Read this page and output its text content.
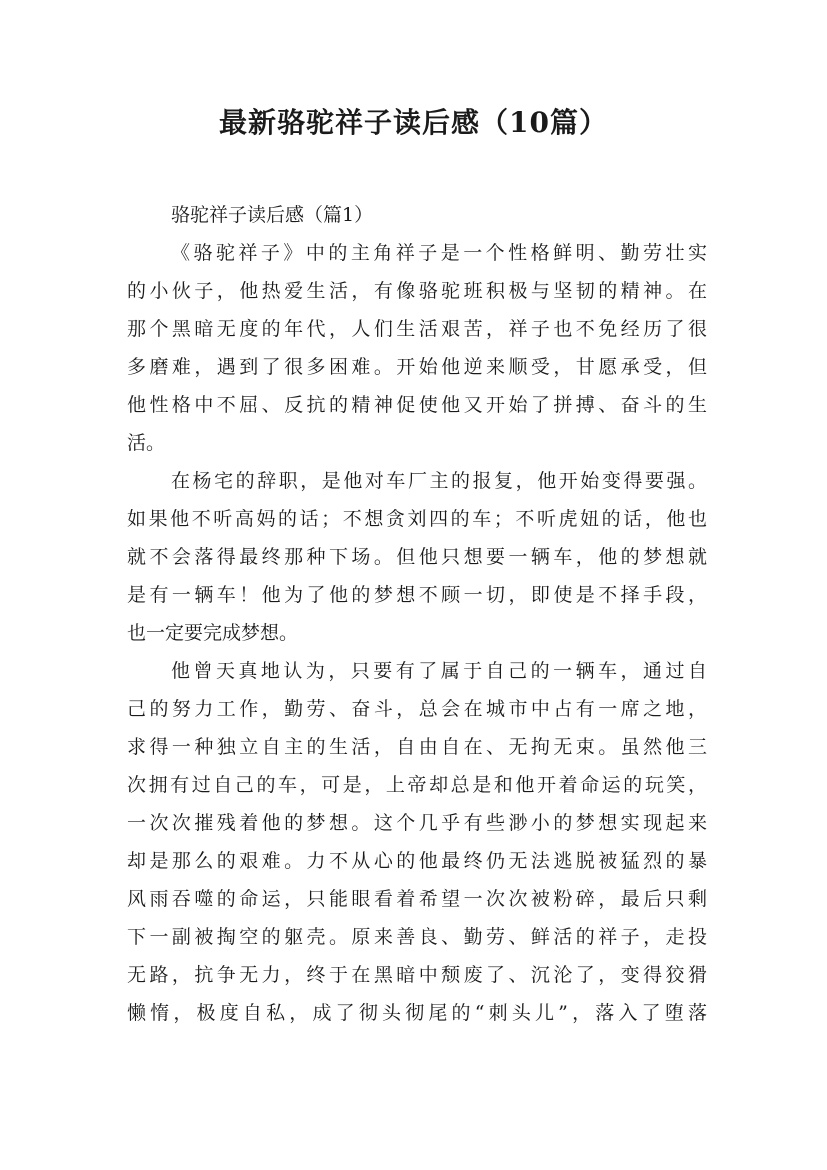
最新骆驼祥子读后感（10篇）
骆驼祥子读后感（篇1）
《骆驼祥子》中的主角祥子是一个性格鲜明、勤劳壮实
的小伙子，他热爱生活，有像骆驼班积极与坚韧的精神。在
那个黑暗无度的年代，人们生活艰苦，祥子也不免经历了很
多磨难，遇到了很多困难。开始他逆来顺受，甘愿承受，但
他性格中不屈、反抗的精神促使他又开始了拼搏、奋斗的生
活。
在杨宅的辞职，是他对车厂主的报复，他开始变得要强。
如果他不听高妈的话；不想贪刘四的车；不听虎妞的话，他也
就不会落得最终那种下场。但他只想要一辆车，他的梦想就
是有一辆车！他为了他的梦想不顾一切，即使是不择手段，
也一定要完成梦想。
他曾天真地认为，只要有了属于自己的一辆车，通过自
己的努力工作，勤劳、奋斗，总会在城市中占有一席之地，
求得一种独立自主的生活，自由自在、无拘无束。虽然他三
次拥有过自己的车，可是，上帝却总是和他开着命运的玩笑，
一次次摧残着他的梦想。这个几乎有些渺小的梦想实现起来
却是那么的艰难。力不从心的他最终仍无法逃脱被猛烈的暴
风雨吞噬的命运，只能眼看着希望一次次被粉碎，最后只剩
下一副被掏空的躯壳。原来善良、勤劳、鲜活的祥子，走投
无路，抗争无力，终于在黑暗中颓废了、沉沦了，变得狡猾
懒惰，极度自私，成了彻头彻尾的“刺头儿”，落入了堕落
